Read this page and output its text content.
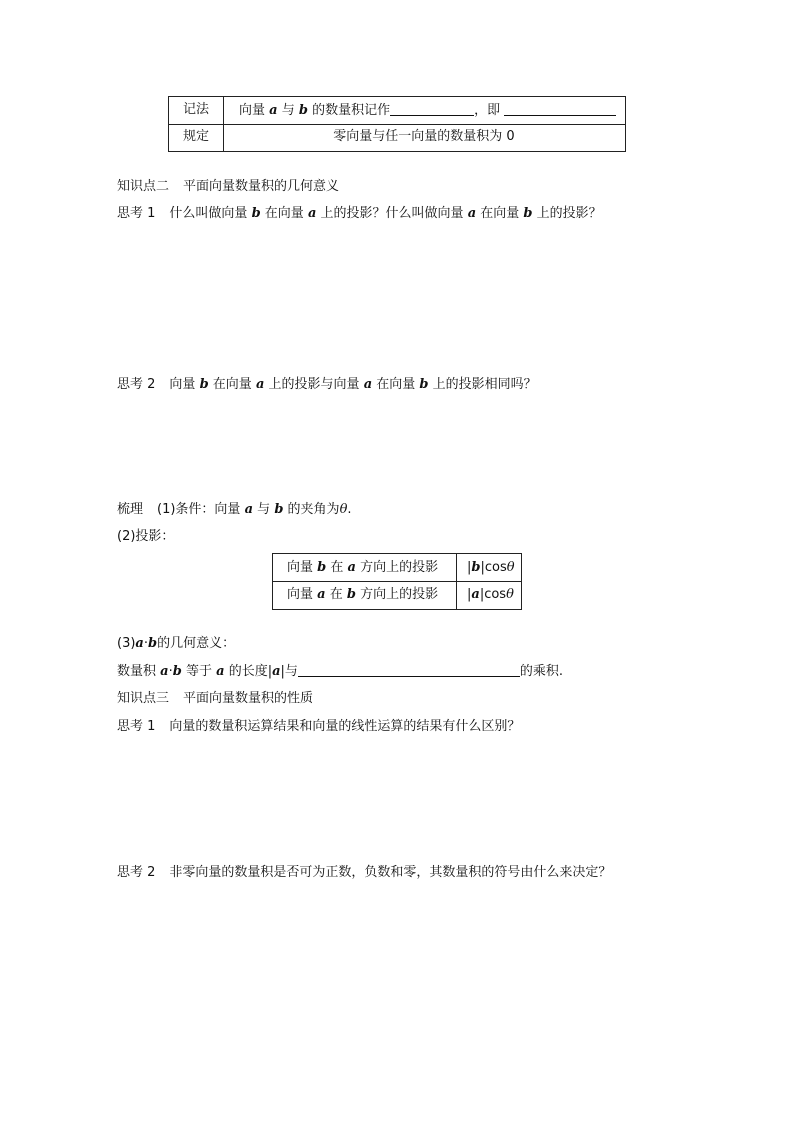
记法	向量 a 与 b 的数量积记作	，即
规定	零向量与任一向量的数量积为 0
知识点二 平面向量数量积的几何意义
思考 1 什么叫做向量 b 在向量 a 上的投影？什么叫做向量 a 在向量 b 上的投影？
思考 2 向量 b 在向量 a 上的投影与向量 a 在向量 b 上的投影相同吗？
梳理 (1)条件：向量 a 与 b 的夹角为θ.
(2)投影：
向量 b 在 a 方向上的投影 |b|cosθ
向量 a 在 b 方向上的投影 |a|cosθ
(3)a·b的几何意义：
数量积 a·b 等于 a 的长度|a|与	的乘积.
知识点三 平面向量数量积的性质
思考 1 向量的数量积运算结果和向量的线性运算的结果有什么区别？
思考 2 非零向量的数量积是否可为正数，负数和零，其数量积的符号由什么来决定？
